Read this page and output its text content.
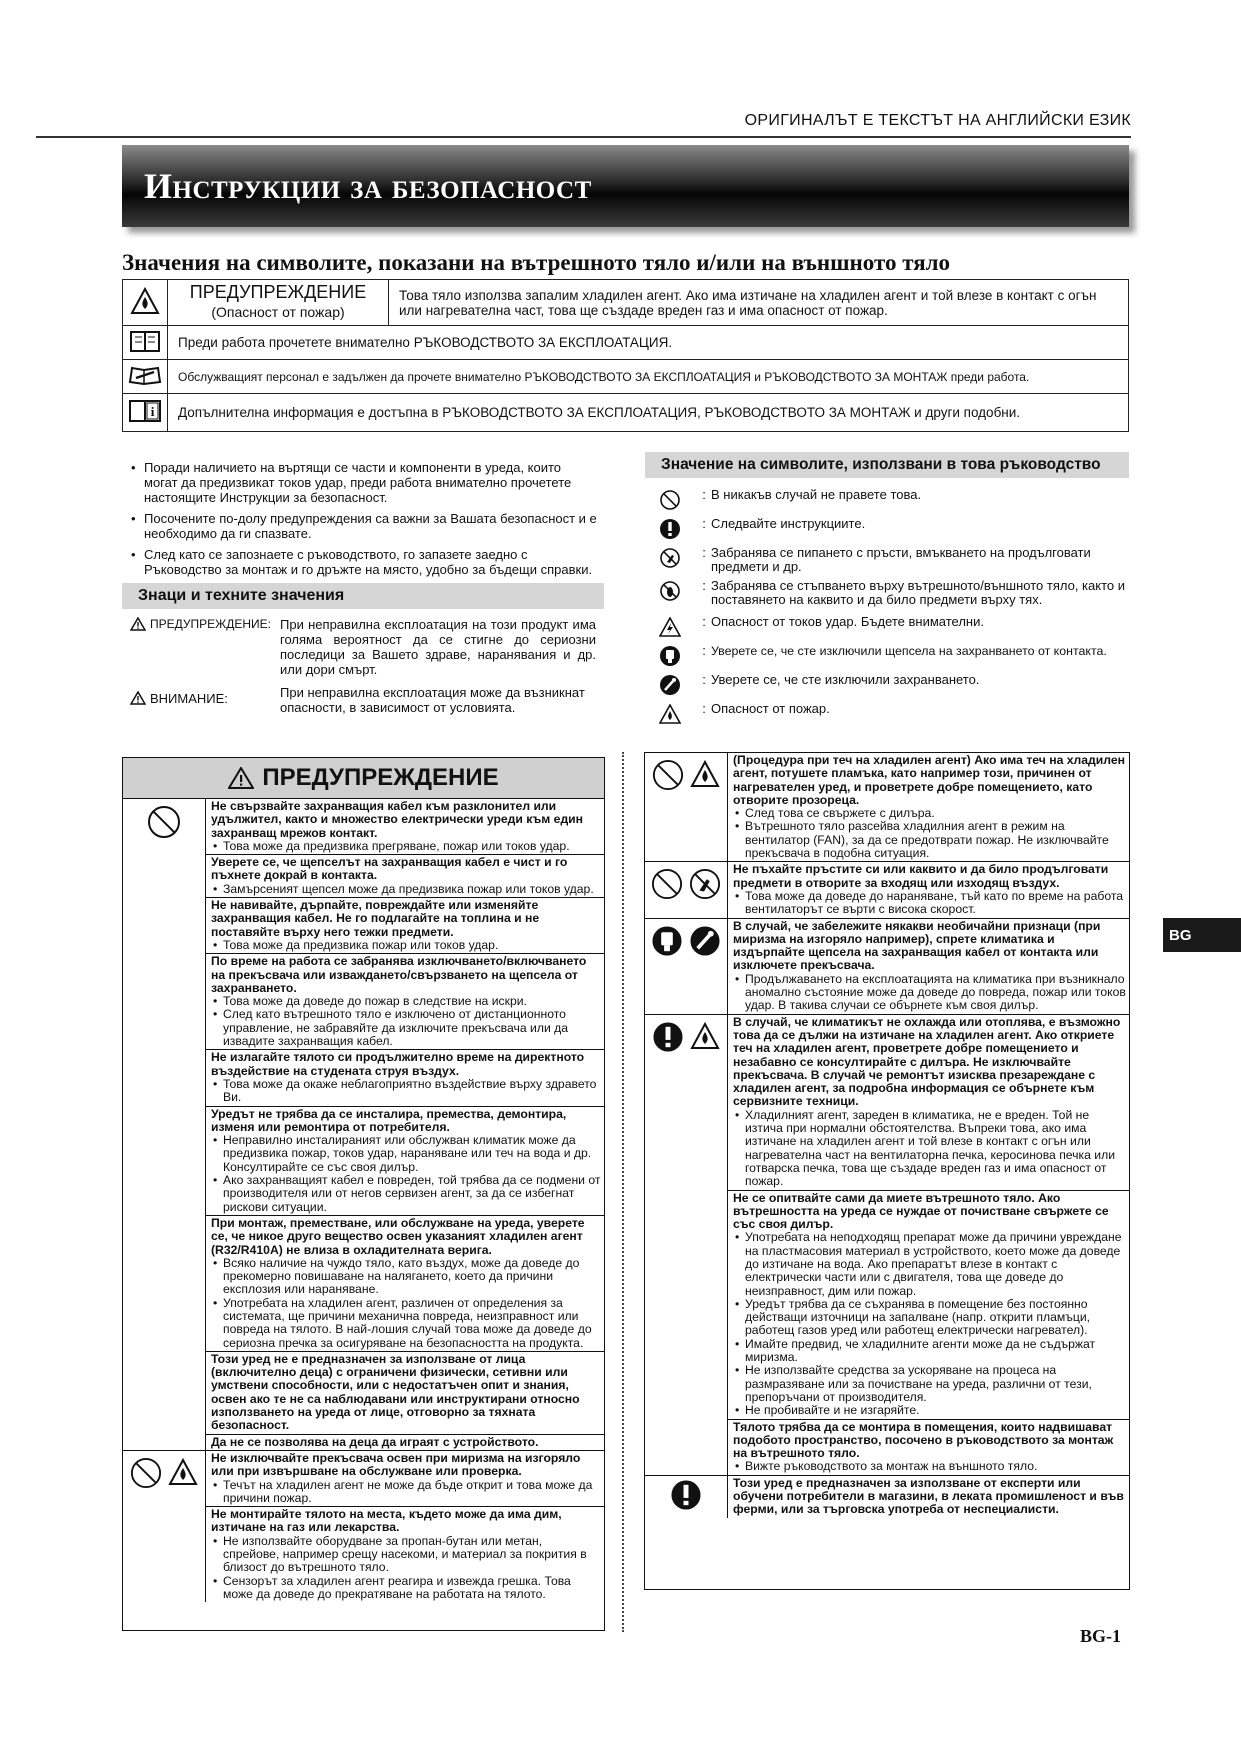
ОРИГИНАЛЪТ Е ТЕКСТЪТ НА АНГЛИЙСКИ ЕЗИК
Инструкции за безопасност
Значения на символите, показани на вътрешното тяло и/или на външното тяло

ПРЕДУПРЕЖДЕНИЕ
(Опасност от пожар)	Това тяло използва запалим хладилен агент. Ако има изтичане на хладилен агент и той влезе в контакт с огън или нагревателна част, това ще създаде вреден газ и има опасност от пожар.
	Преди работа прочетете внимателно РЪКОВОДСТВОТО ЗА ЕКСПЛОАТАЦИЯ.	
	Обслужващият персонал е задължен да прочете внимателно РЪКОВОДСТВОТО ЗА ЕКСПЛОАТАЦИЯ и РЪКОВОДСТВОТО ЗА МОНТАЖ преди работа.	

i	Допълнителна информация е достъпна в РЪКОВОДСТВОТО ЗА ЕКСПЛОАТАЦИЯ, РЪКОВОДСТВОТО ЗА МОНТАЖ и други подобни.	
• Поради наличието на въртящи се части и компоненти в уреда, които могат да предизвикат токов удар, преди работа внимателно прочетете настоящите Инструкции за безопасност.
• Посочените по-долу предупреждения са важни за Вашата безопасност и е необходимо да ги спазвате.
• След като се запознаете с ръководството, го запазете заедно с Ръководство за монтаж и го дръжте на място, удобно за бъдещи справки.
Знаци и техните значения
ПРЕДУПРЕЖДЕНИЕ: При неправилна експлоатация на този продукт има голяма вероятност да се стигне до сериозни последици за Вашето здраве, наранявания и др. или дори смърт.
ВНИМАНИЕ:	При неправилна експлоатация може да възникнат опасности, в зависимост от условията.
Значение на символите, използвани в това ръководство
: В никакъв случай не правете това.
: Следвайте инструкциите.
: Забранява се пипането с пръсти, вмъкването на продълговати предмети и др.
: Забранява се стъпването върху вътрешното/външното тяло, както и поставянето на каквито и да било предмети върху тях.
: Опасност от токов удар. Бъдете внимателни.
: Уверете се, че сте изключили щепсела на захранването от контакта.
: Уверете се, че сте изключили захранването.
: Опасност от пожар.
ПРЕДУПРЕЖДЕНИЕ
Не свързвайте захранващия кабел към разклонител или удължител, както и множество електрически уреди към един захранващ мрежов контакт.
• Това може да предизвика прегряване, пожар или токов удар.
Уверете се, че щепселът на захранващия кабел е чист и го пъхнете докрай в контакта.
• Замърсеният щепсел може да предизвика пожар или токов удар.
Не навивайте, дърпайте, повреждайте или изменяйте захранващия кабел. Не го подлагайте на топлина и не поставяйте върху него тежки предмети.
• Това може да предизвика пожар или токов удар.
По време на работа се забранява изключването/включването на прекъсвача или изваждането/свързването на щепсела от захранването.
• Това може да доведе до пожар в следствие на искри.
• След като вътрешното тяло е изключено от дистанционното управление, не забравяйте да изключите прекъсвача или да извадите захранващия кабел.
Не излагайте тялото си продължително време на директното въздействие на студената струя въздух.
• Това може да окаже неблагоприятно въздействие върху здравето Ви.
Уредът не трябва да се инсталира, премества, демонтира, изменя или ремонтира от потребителя.
• Неправилно инсталираният или обслужван климатик може да предизвика пожар, токов удар, нараняване или теч на вода и др. Консултирайте се със своя дилър.
• Ако захранващият кабел е повреден, той трябва да се подмени от производителя или от негов сервизен агент, за да се избегнат рискови ситуации.
При монтаж, преместване, или обслужване на уреда, уверете се, че никое друго вещество освен указаният хладилен агент (R32/R410A) не влиза в охладителната верига.
• Всяко наличие на чуждо тяло, като въздух, може да доведе до прекомерно повишаване на налягането, което да причини експлозия или нараняване.
• Употребата на хладилен агент, различен от определения за системата, ще причини механична повреда, неизправност или повреда на тялото. В най-лошия случай това може да доведе до сериозна пречка за осигуряване на безопасността на продукта.
Този уред не е предназначен за използване от лица (включително деца) с ограничени физически, сетивни или умствени способности, или с недостатъчен опит и знания, освен ако те не са наблюдавани или инструктирани относно използването на уреда от лице, отговорно за тяхната безопасност.
Да не се позволява на деца да играят с устройството.
Не изключвайте прекъсвача освен при миризма на изгоряло или при извършване на обслужване или проверка.
• Течът на хладилен агент не може да бъде открит и това може да причини пожар.
Не монтирайте тялото на места, където може да има дим, изтичане на газ или лекарства.
• Не използвайте оборудване за пропан-бутан или метан, спрейове, например срещу насекоми, и материал за покрития в близост до вътрешното тяло.
• Сензорът за хладилен агент реагира и извежда грешка. Това може да доведе до прекратяване на работата на тялото.
(Процедура при теч на хладилен агент) Ако има теч на хладилен агент, потушете пламъка, като например този, причинен от нагревателен уред, и проветрете добре помещението, като отворите прозореца.
• След това се свържете с дилъра.
• Вътрешното тяло разсейва хладилния агент в режим на вентилатор (FAN), за да се предотврати пожар. Не изключвайте прекъсвача в подобна ситуация.
Не пъхайте пръстите си или каквито и да било продълговати предмети в отворите за входящ или изходящ въздух.
• Това може да доведе до нараняване, тъй като по време на работа вентилаторът се върти с висока скорост.
В случай, че забележите някакви необичайни признаци (при миризма на изгоряло например), спрете климатика и издърпайте щепсела на захранващия кабел от контакта или изключете прекъсвача.
• Продължаването на експлоатацията на климатика при възникнало аномално състояние може да доведе до повреда, пожар или токов удар. В такива случаи се обърнете към своя дилър.
В случай, че климатикът не охлажда или отоплява, е възможно това да се дължи на изтичане на хладилен агент. Ако откриете теч на хладилен агент, проветрете добре помещението и незабавно се консултирайте с дилъра. Не изключвайте прекъсвача. В случай че ремонтът изисква презареждане с хладилен агент, за подробна информация се обърнете към сервизните техници.
• Хладилният агент, зареден в климатика, не е вреден. Той не изтича при нормални обстоятелства. Въпреки това, ако има изтичане на хладилен агент и той влезе в контакт с огън или нагревателна част на вентилаторна печка, керосинова печка или готварска печка, това ще създаде вреден газ и има опасност от пожар.
Не се опитвайте сами да миете вътрешното тяло. Ако вътрешността на уреда се нуждае от почистване свържете се със своя дилър.
• Употребата на неподходящ препарат може да причини увреждане на пластмасовия материал в устройството, което може да доведе до изтичане на вода. Ако препаратът влезе в контакт с електрически части или с двигателя, това ще доведе до неизправност, дим или пожар.
• Уредът трябва да се съхранява в помещение без постоянно действащи източници на запалване (напр. открити пламъци, работещ газов уред или работещ електрически нагревател).
• Имайте предвид, че хладилните агенти може да не съдържат миризма.
• Не използвайте средства за ускоряване на процеса на размразяване или за почистване на уреда, различни от тези, препоръчани от производителя.
• Не пробивайте и не изгаряйте.
Тялото трябва да се монтира в помещения, които надвишават подобото пространство, посочено в ръководството за монтаж на вътрешното тяло.
• Вижте ръководството за монтаж на външното тяло.
Този уред е предназначен за използване от експерти или обучени потребители в магазини, в леката промишленост и във ферми, или за търговска употреба от неспециалисти.
BG
BG-1
